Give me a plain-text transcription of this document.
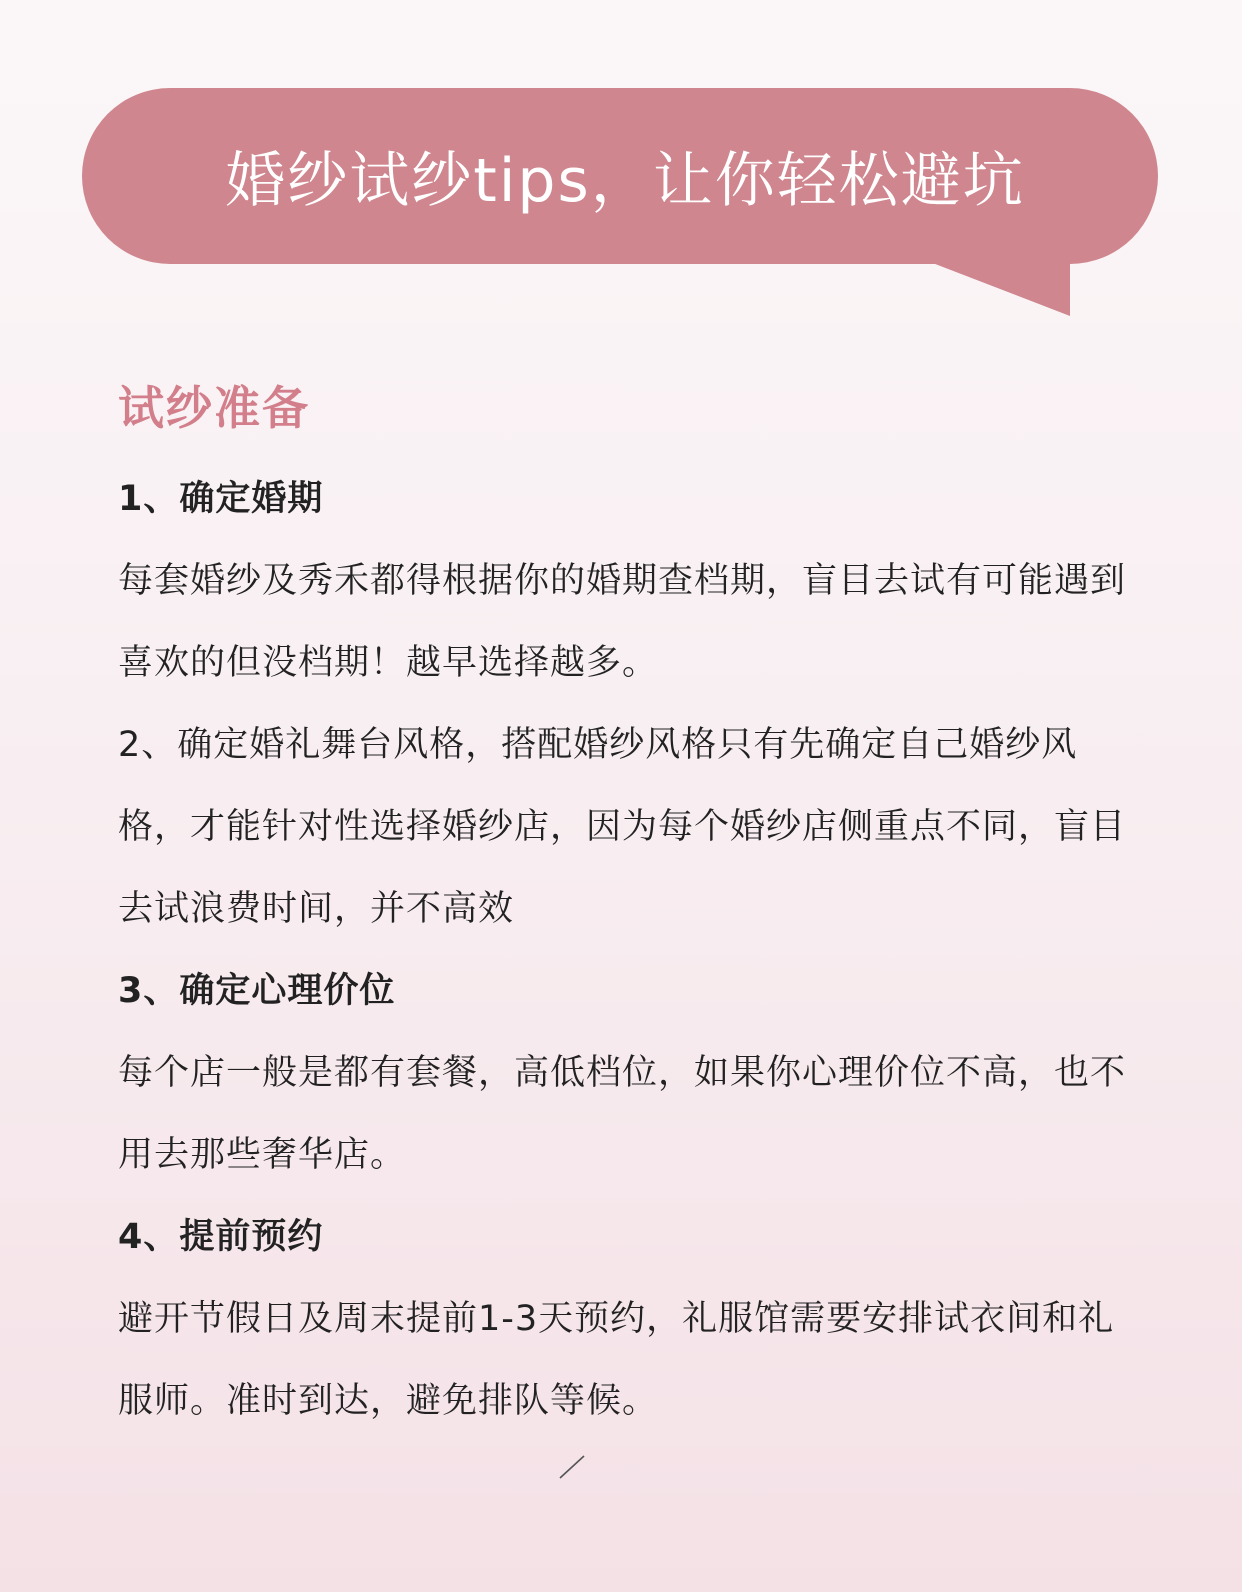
婚纱试纱tips，让你轻松避坑
试纱准备

1、确定婚期

每套婚纱及秀禾都得根据你的婚期查档期，盲目去试有可能遇到喜欢的但没档期！越早选择越多。

2、确定婚礼舞台风格，搭配婚纱风格只有先确定自己婚纱风格，才能针对性选择婚纱店，因为每个婚纱店侧重点不同，盲目去试浪费时间，并不高效

3、确定心理价位

每个店一般是都有套餐，高低档位，如果你心理价位不高，也不用去那些奢华店。

4、提前预约

避开节假日及周末提前1-3天预约，礼服馆需要安排试衣间和礼服师。准时到达，避免排队等候。
